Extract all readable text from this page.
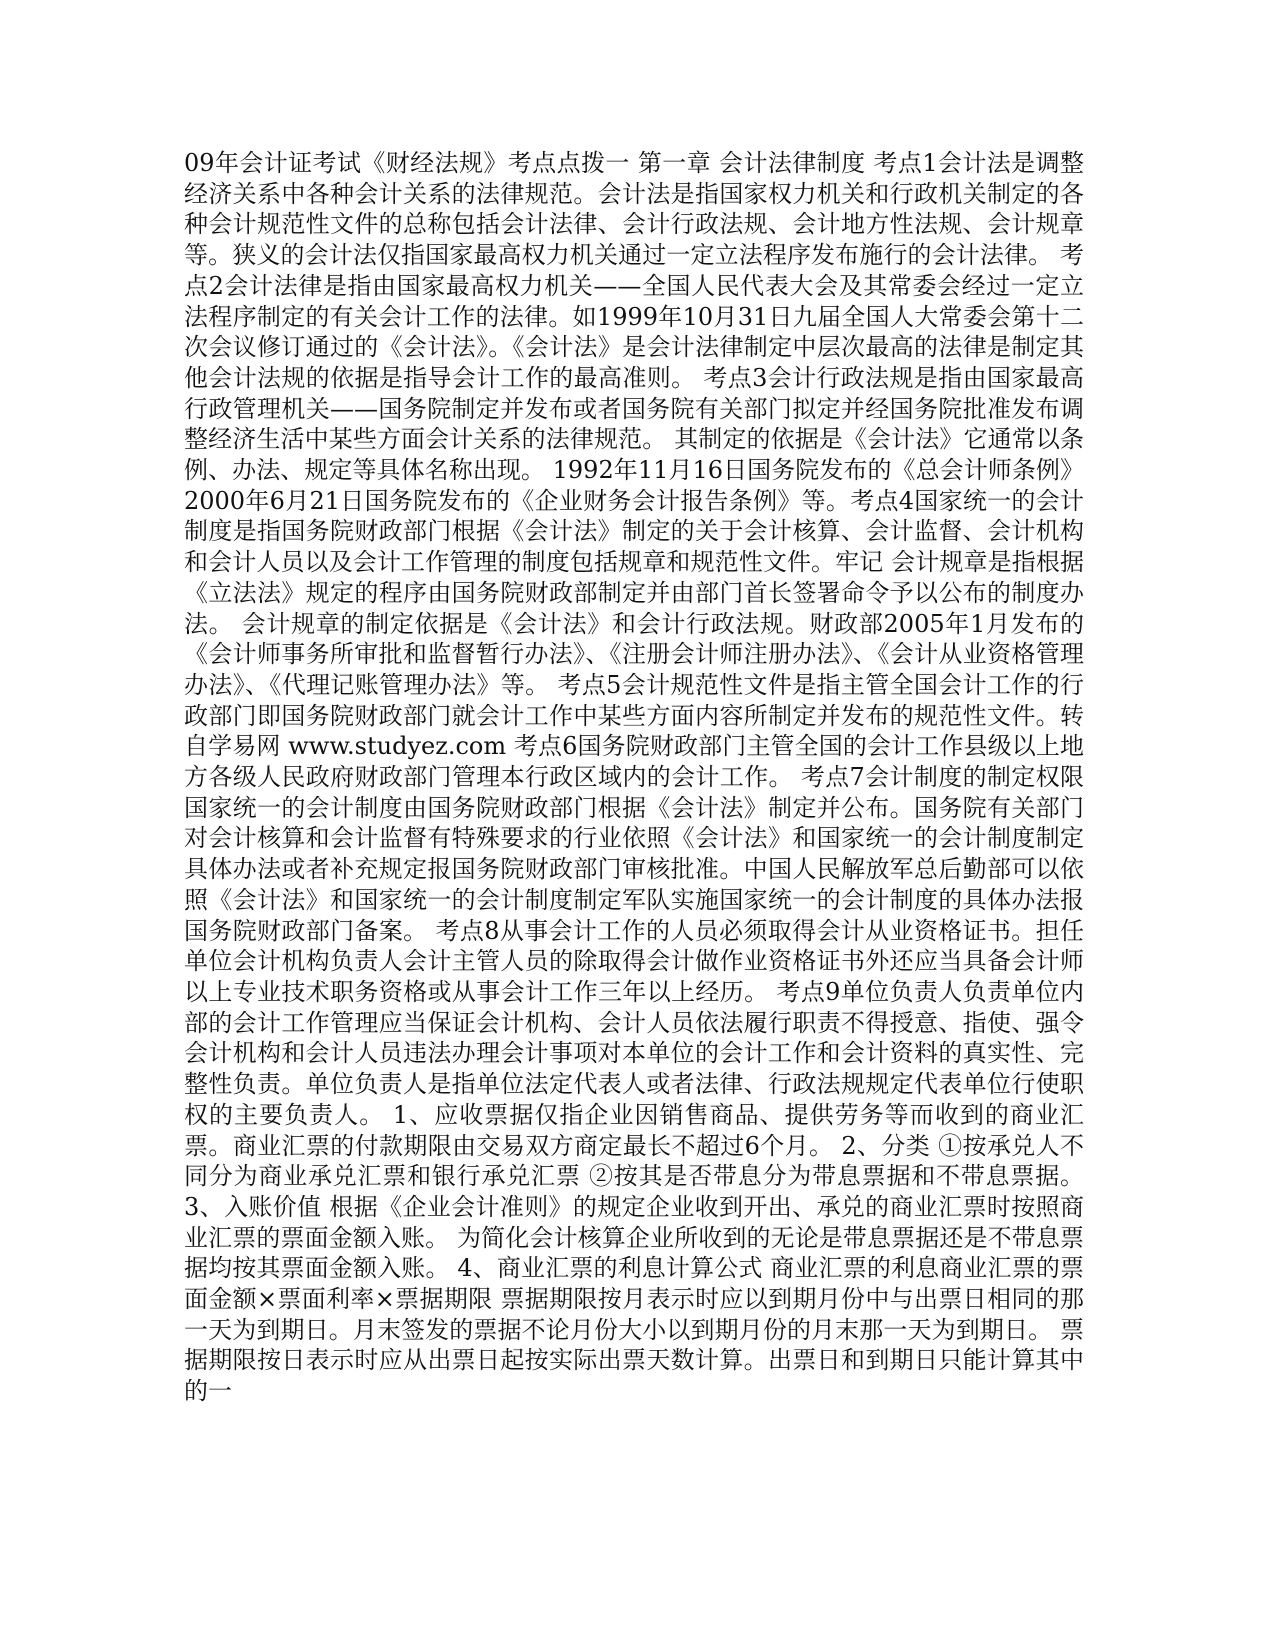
09年会计证考试《财经法规》考点点拨一 第一章 会计法律制度 考点1会计法是调整经济关系中各种会计关系的法律规范。会计法是指国家权力机关和行政机关制定的各种会计规范性文件的总称包括会计法律、会计行政法规、会计地方性法规、会计规章等。狭义的会计法仅指国家最高权力机关通过一定立法程序发布施行的会计法律。 考点2会计法律是指由国家最高权力机关——全国人民代表大会及其常委会经过一定立法程序制定的有关会计工作的法律。如1999年10月31日九届全国人大常委会第十二次会议修订通过的《会计法》。《会计法》是会计法律制定中层次最高的法律是制定其他会计法规的依据是指导会计工作的最高准则。 考点3会计行政法规是指由国家最高行政管理机关——国务院制定并发布或者国务院有关部门拟定并经国务院批准发布调整经济生活中某些方面会计关系的法律规范。 其制定的依据是《会计法》它通常以条例、办法、规定等具体名称出现。 1992年11月16日国务院发布的《总会计师条例》2000年6月21日国务院发布的《企业财务会计报告条例》等。考点4国家统一的会计制度是指国务院财政部门根据《会计法》制定的关于会计核算、会计监督、会计机构和会计人员以及会计工作管理的制度包括规章和规范性文件。牢记 会计规章是指根据《立法法》规定的程序由国务院财政部制定并由部门首长签署命令予以公布的制度办法。 会计规章的制定依据是《会计法》和会计行政法规。财政部2005年1月发布的《会计师事务所审批和监督暂行办法》、《注册会计师注册办法》、《会计从业资格管理办法》、《代理记账管理办法》等。 考点5会计规范性文件是指主管全国会计工作的行政部门即国务院财政部门就会计工作中某些方面内容所制定并发布的规范性文件。转自学易网 www.studyez.com 考点6国务院财政部门主管全国的会计工作县级以上地方各级人民政府财政部门管理本行政区域内的会计工作。 考点7会计制度的制定权限 国家统一的会计制度由国务院财政部门根据《会计法》制定并公布。国务院有关部门对会计核算和会计监督有特殊要求的行业依照《会计法》和国家统一的会计制度制定具体办法或者补充规定报国务院财政部门审核批准。中国人民解放军总后勤部可以依照《会计法》和国家统一的会计制度制定军队实施国家统一的会计制度的具体办法报国务院财政部门备案。 考点8从事会计工作的人员必须取得会计从业资格证书。担任单位会计机构负责人会计主管人员的除取得会计做作业资格证书外还应当具备会计师以上专业技术职务资格或从事会计工作三年以上经历。 考点9单位负责人负责单位内部的会计工作管理应当保证会计机构、会计人员依法履行职责不得授意、指使、强令会计机构和会计人员违法办理会计事项对本单位的会计工作和会计资料的真实性、完整性负责。单位负责人是指单位法定代表人或者法律、行政法规规定代表单位行使职权的主要负责人。 1、应收票据仅指企业因销售商品、提供劳务等而收到的商业汇票。商业汇票的付款期限由交易双方商定最长不超过6个月。 2、分类 ①按承兑人不同分为商业承兑汇票和银行承兑汇票 ②按其是否带息分为带息票据和不带息票据。 3、入账价值 根据《企业会计准则》的规定企业收到开出、承兑的商业汇票时按照商业汇票的票面金额入账。 为简化会计核算企业所收到的无论是带息票据还是不带息票据均按其票面金额入账。 4、商业汇票的利息计算公式 商业汇票的利息商业汇票的票面金额×票面利率×票据期限 票据期限按月表示时应以到期月份中与出票日相同的那一天为到期日。月末签发的票据不论月份大小以到期月份的月末那一天为到期日。 票据期限按日表示时应从出票日起按实际出票天数计算。出票日和到期日只能计算其中的一
